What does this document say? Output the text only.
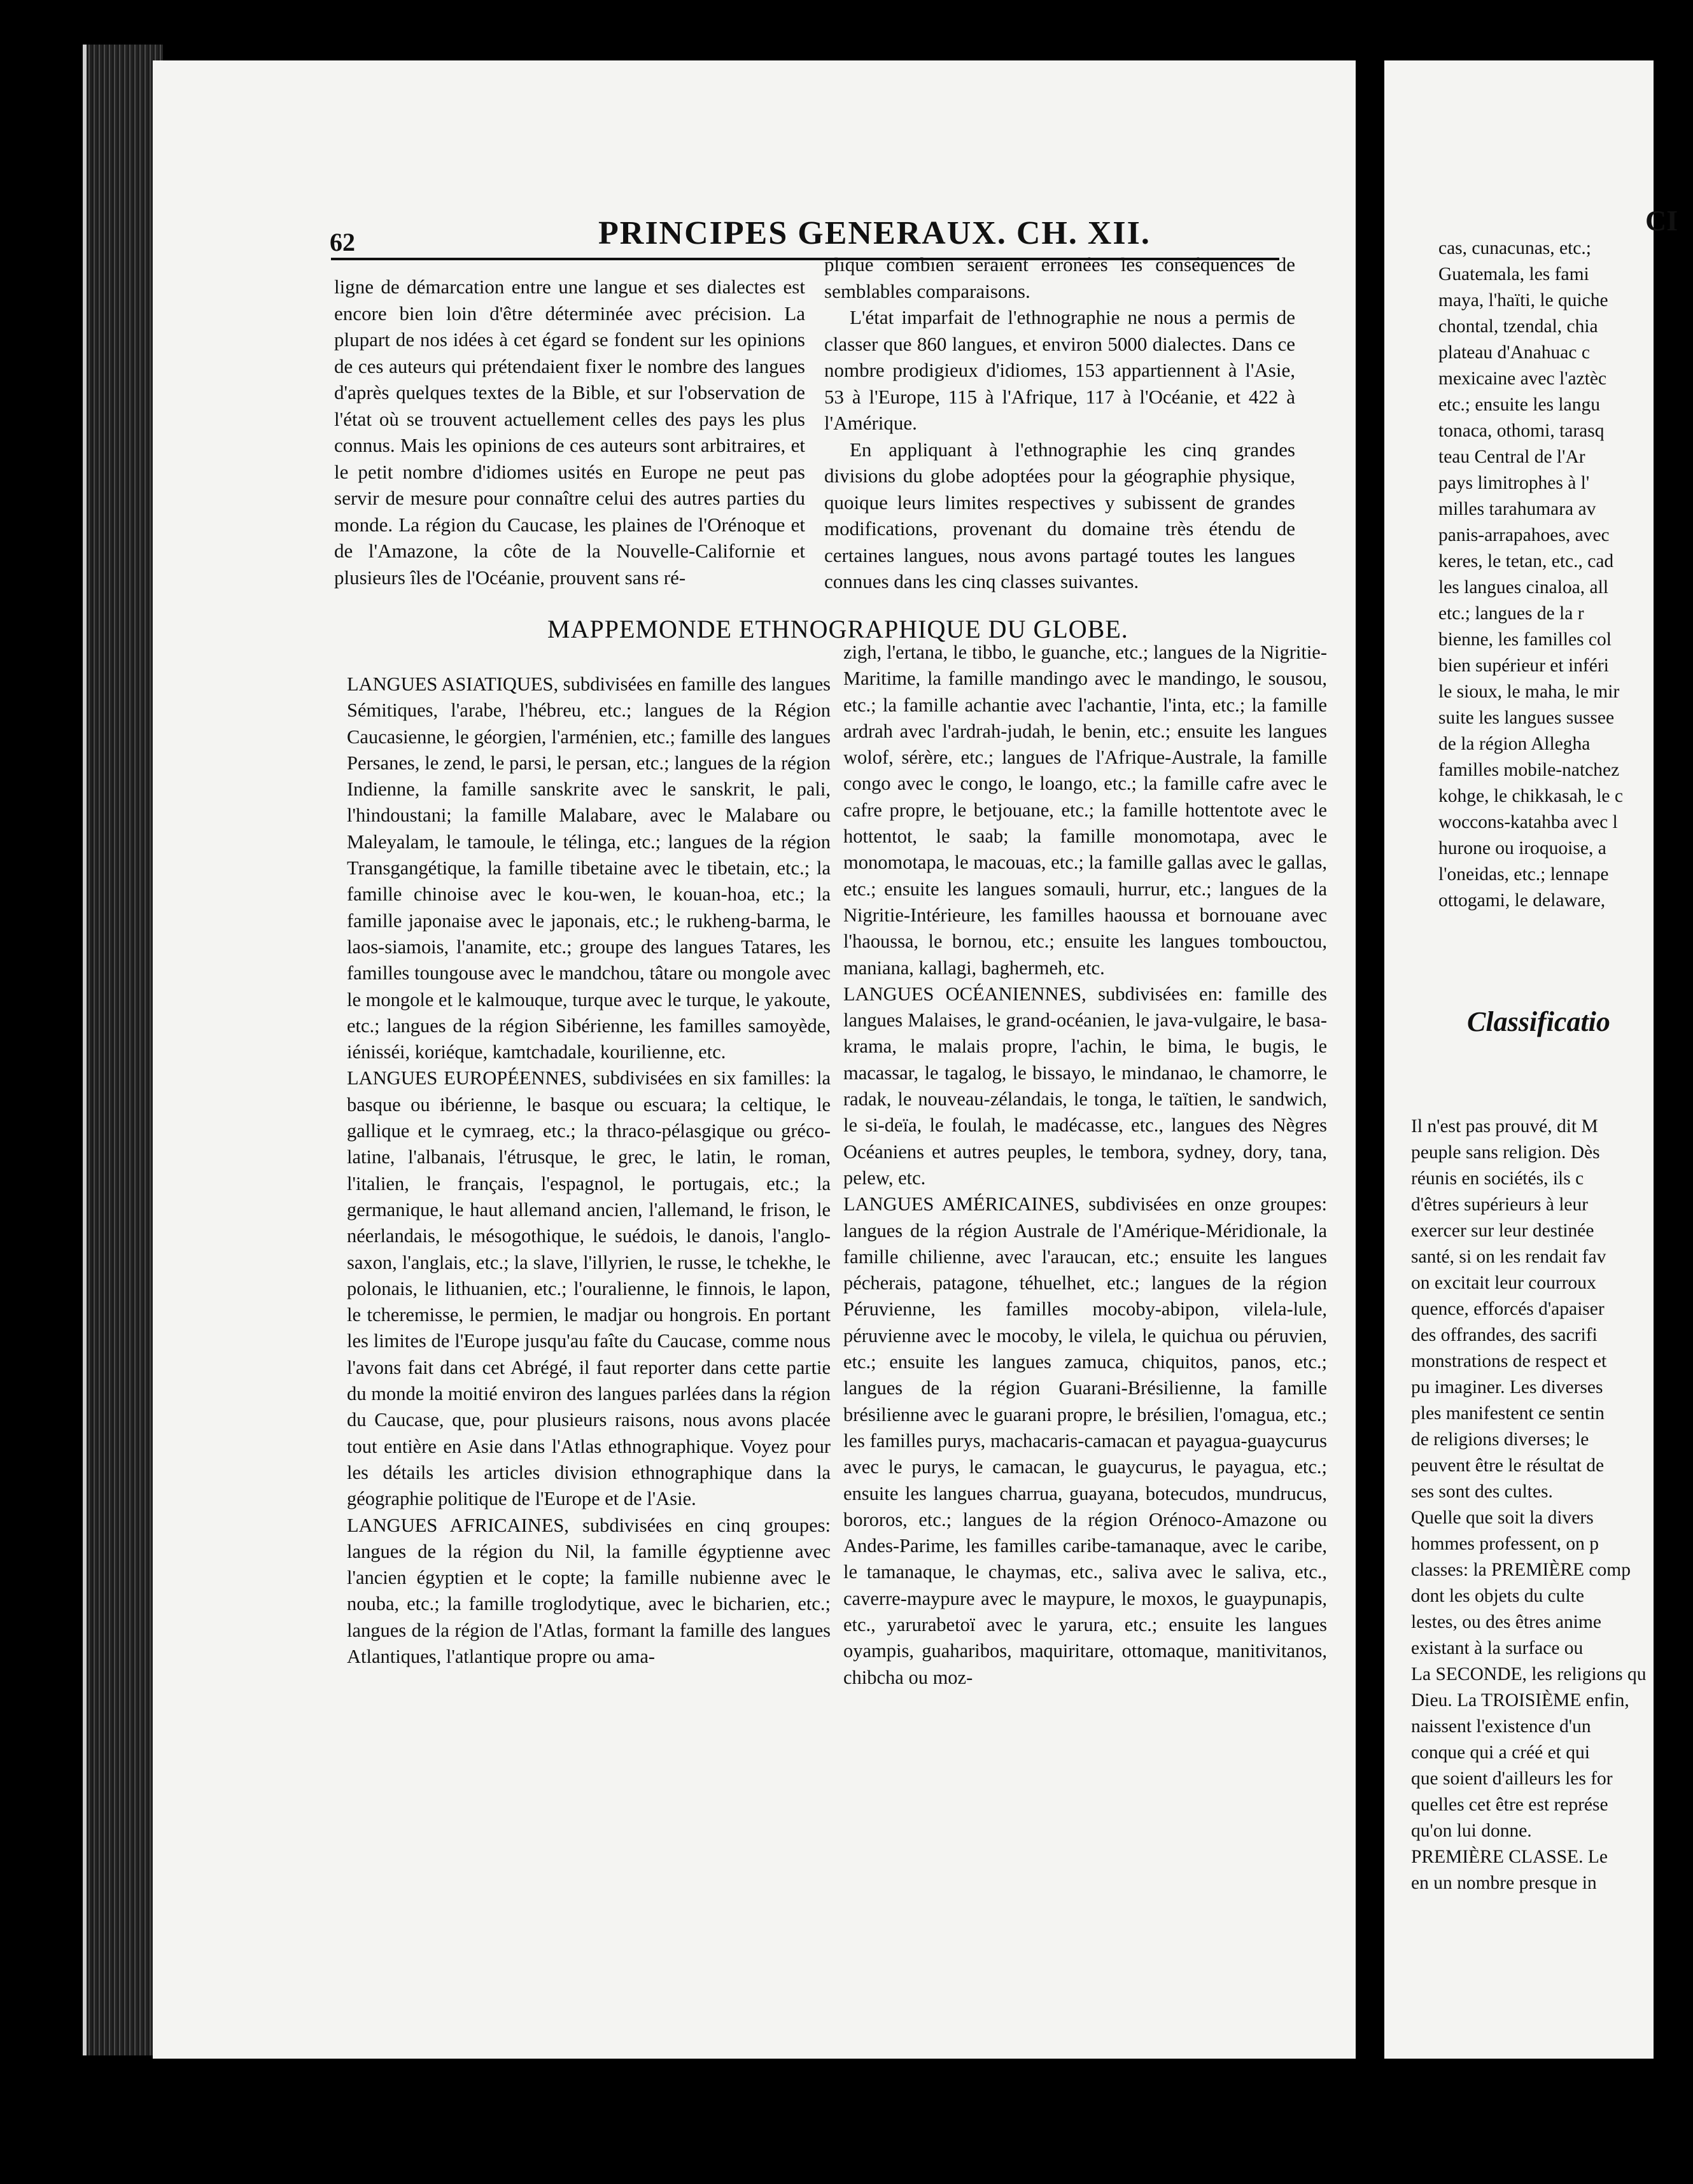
62	PRINCIPES GENERAUX. CH. XII.

ligne de démarcation entre une langue et ses dialectes est encore bien loin d'être déterminée avec précision. La plupart de nos idées à cet égard se fondent sur les opinions de ces auteurs qui prétendaient fixer le nombre des langues d'après quelques textes de la Bible, et sur l'observation de l'état où se trouvent actuellement celles des pays les plus connus. Mais les opinions de ces auteurs sont arbitraires, et le petit nombre d'idiomes usités en Europe ne peut pas servir de mesure pour connaître celui des autres parties du monde. La région du Caucase, les plaines de l'Orénoque et de l'Amazone, la côte de la Nouvelle-Californie et plusieurs îles de l'Océanie, prouvent sans ré-

plique combien seraient erronées les conséquences de semblables comparaisons.

L'état imparfait de l'ethnographie ne nous a permis de classer que 860 langues, et environ 5000 dialectes. Dans ce nombre prodigieux d'idiomes, 153 appartiennent à l'Asie, 53 à l'Europe, 115 à l'Afrique, 117 à l'Océanie, et 422 à l'Amérique.

En appliquant à l'ethnographie les cinq grandes divisions du globe adoptées pour la géographie physique, quoique leurs limites respectives y subissent de grandes modifications, provenant du domaine très étendu de certaines langues, nous avons partagé toutes les langues connues dans les cinq classes suivantes.

MAPPEMONDE ETHNOGRAPHIQUE DU GLOBE.

LANGUES ASIATIQUES, subdivisées en famille des langues Sémitiques, l'arabe, l'hébreu, etc.; langues de la Région Caucasienne, le géorgien, l'arménien, etc.; famille des langues Persanes, le zend, le parsi, le persan, etc.; langues de la région Indienne, la famille sanskrite avec le sanskrit, le pali, l'hindoustani; la famille Malabare, avec le Malabare ou Maleyalam, le tamoule, le télinga, etc.; langues de la région Transgangétique, la famille tibetaine avec le tibetain, etc.; la famille chinoise avec le kou-wen, le kouan-hoa, etc.; la famille japonaise avec le japonais, etc.; le rukheng-barma, le laos-siamois, l'anamite, etc.; groupe des langues Tatares, les familles toungouse avec le mandchou, tâtare ou mongole avec le mongole et le kalmouque, turque avec le turque, le yakoute, etc.; langues de la région Sibérienne, les familles samoyède, iénisséi, koriéque, kamtchadale, kourilienne, etc.

LANGUES EUROPÉENNES, subdivisées en six familles: la basque ou ibérienne, le basque ou escuara; la celtique, le gallique et le cymraeg, etc.; la thraco-pélasgique ou gréco-latine, l'albanais, l'étrusque, le grec, le latin, le roman, l'italien, le français, l'espagnol, le portugais, etc.; la germanique, le haut allemand ancien, l'allemand, le frison, le néerlandais, le mésogothique, le suédois, le danois, l'anglo-saxon, l'anglais, etc.; la slave, l'illyrien, le russe, le tchekhe, le polonais, le lithuanien, etc.; l'ouralienne, le finnois, le lapon, le tcheremisse, le permien, le madjar ou hongrois. En portant les limites de l'Europe jusqu'au faîte du Caucase, comme nous l'avons fait dans cet Abrégé, il faut reporter dans cette partie du monde la moitié environ des langues parlées dans la région du Caucase, que, pour plusieurs raisons, nous avons placée tout entière en Asie dans l'Atlas ethnographique. Voyez pour les détails les articles division ethnographique dans la géographie politique de l'Europe et de l'Asie.

LANGUES AFRICAINES, subdivisées en cinq groupes: langues de la région du Nil, la famille égyptienne avec l'ancien égyptien et le copte; la famille nubienne avec le nouba, etc.; la famille troglodytique, avec le bicharien, etc.; langues de la région de l'Atlas, formant la famille des langues Atlantiques, l'atlantique propre ou ama-

zigh, l'ertana, le tibbo, le guanche, etc.; langues de la Nigritie-Maritime, la famille mandingo avec le mandingo, le sousou, etc.; la famille achantie avec l'achantie, l'inta, etc.; la famille ardrah avec l'ardrah-judah, le benin, etc.; ensuite les langues wolof, sérère, etc.; langues de l'Afrique-Australe, la famille congo avec le congo, le loango, etc.; la famille cafre avec le cafre propre, le betjouane, etc.; la famille hottentote avec le hottentot, le saab; la famille monomotapa, avec le monomotapa, le macouas, etc.; la famille gallas avec le gallas, etc.; ensuite les langues somauli, hurrur, etc.; langues de la Nigritie-Intérieure, les familles haoussa et bornouane avec l'haoussa, le bornou, etc.; ensuite les langues tombouctou, maniana, kallagi, baghermeh, etc.

LANGUES OCÉANIENNES, subdivisées en: famille des langues Malaises, le grand-océanien, le java-vulgaire, le basa-krama, le malais propre, l'achin, le bima, le bugis, le macassar, le tagalog, le bissayo, le mindanao, le chamorre, le radak, le nouveau-zélandais, le tonga, le taïtien, le sandwich, le si-deïa, le foulah, le madécasse, etc., langues des Nègres Océaniens et autres peuples, le tembora, sydney, dory, tana, pelew, etc.

LANGUES AMÉRICAINES, subdivisées en onze groupes: langues de la région Australe de l'Amérique-Méridionale, la famille chilienne, avec l'araucan, etc.; ensuite les langues pécherais, patagone, téhuelhet, etc.; langues de la région Péruvienne, les familles mocoby-abipon, vilela-lule, péruvienne avec le mocoby, le vilela, le quichua ou péruvien, etc.; ensuite les langues zamuca, chiquitos, panos, etc.; langues de la région Guarani-Brésilienne, la famille brésilienne avec le guarani propre, le brésilien, l'omagua, etc.; les familles purys, machacaris-camacan et payagua-guaycurus avec le purys, le camacan, le guaycurus, le payagua, etc.; ensuite les langues charrua, guayana, botecudos, mundrucus, bororos, etc.; langues de la région Orénoco-Amazone ou Andes-Parime, les familles caribe-tamanaque, avec le caribe, le tamanaque, le chaymas, etc., saliva avec le saliva, etc., caverre-maypure avec le maypure, le moxos, le guaypunapis, etc., yarurabetoï avec le yarura, etc.; ensuite les langues oyampis, guaharibos, maquiritare, ottomaque, manitivitanos, chibcha ou moz-

CI
cas, cunacunas, etc.;
Guatemala, les fami
maya, l'haïti, le quiche
chontal, tzendal, chia
plateau d'Anahuac c
mexicaine avec l'aztèc
etc.; ensuite les langu
tonaca, othomi, tarasq
teau Central de l'Ar
pays limitrophes à l'
milles tarahumara av
panis-arrapahoes, avec
keres, le tetan, etc., cad
les langues cinaloa, all
etc.; langues de la r
bienne, les familles col
bien supérieur et inféri
le sioux, le maha, le mir
suite les langues sussee
de la région Allegha
familles mobile-natchez
kohge, le chikkasah, le c
woccons-katahba avec l
hurone ou iroquoise, a
l'oneidas, etc.; lennape
ottogami, le delaware,
Classificatio
Il n'est pas prouvé, dit M
peuple sans religion. Dès
réunis en sociétés, ils c
d'êtres supérieurs à leur
exercer sur leur destinée
santé, si on les rendait fav
on excitait leur courroux
quence, efforcés d'apaiser
des offrandes, des sacrifi
monstrations de respect et
pu imaginer. Les diverses
ples manifestent ce sentin
de religions diverses; le
peuvent être le résultat de
ses sont des cultes.
Quelle que soit la divers
hommes professent, on p
classes: la PREMIÈRE comp
dont les objets du culte
lestes, ou des êtres anime
existant à la surface ou
La SECONDE, les religions qu
Dieu. La TROISIÈME enfin,
naissent l'existence d'un
conque qui a créé et qui
que soient d'ailleurs les for
quelles cet être est représe
qu'on lui donne.
PREMIÈRE CLASSE. Le
en un nombre presque in
